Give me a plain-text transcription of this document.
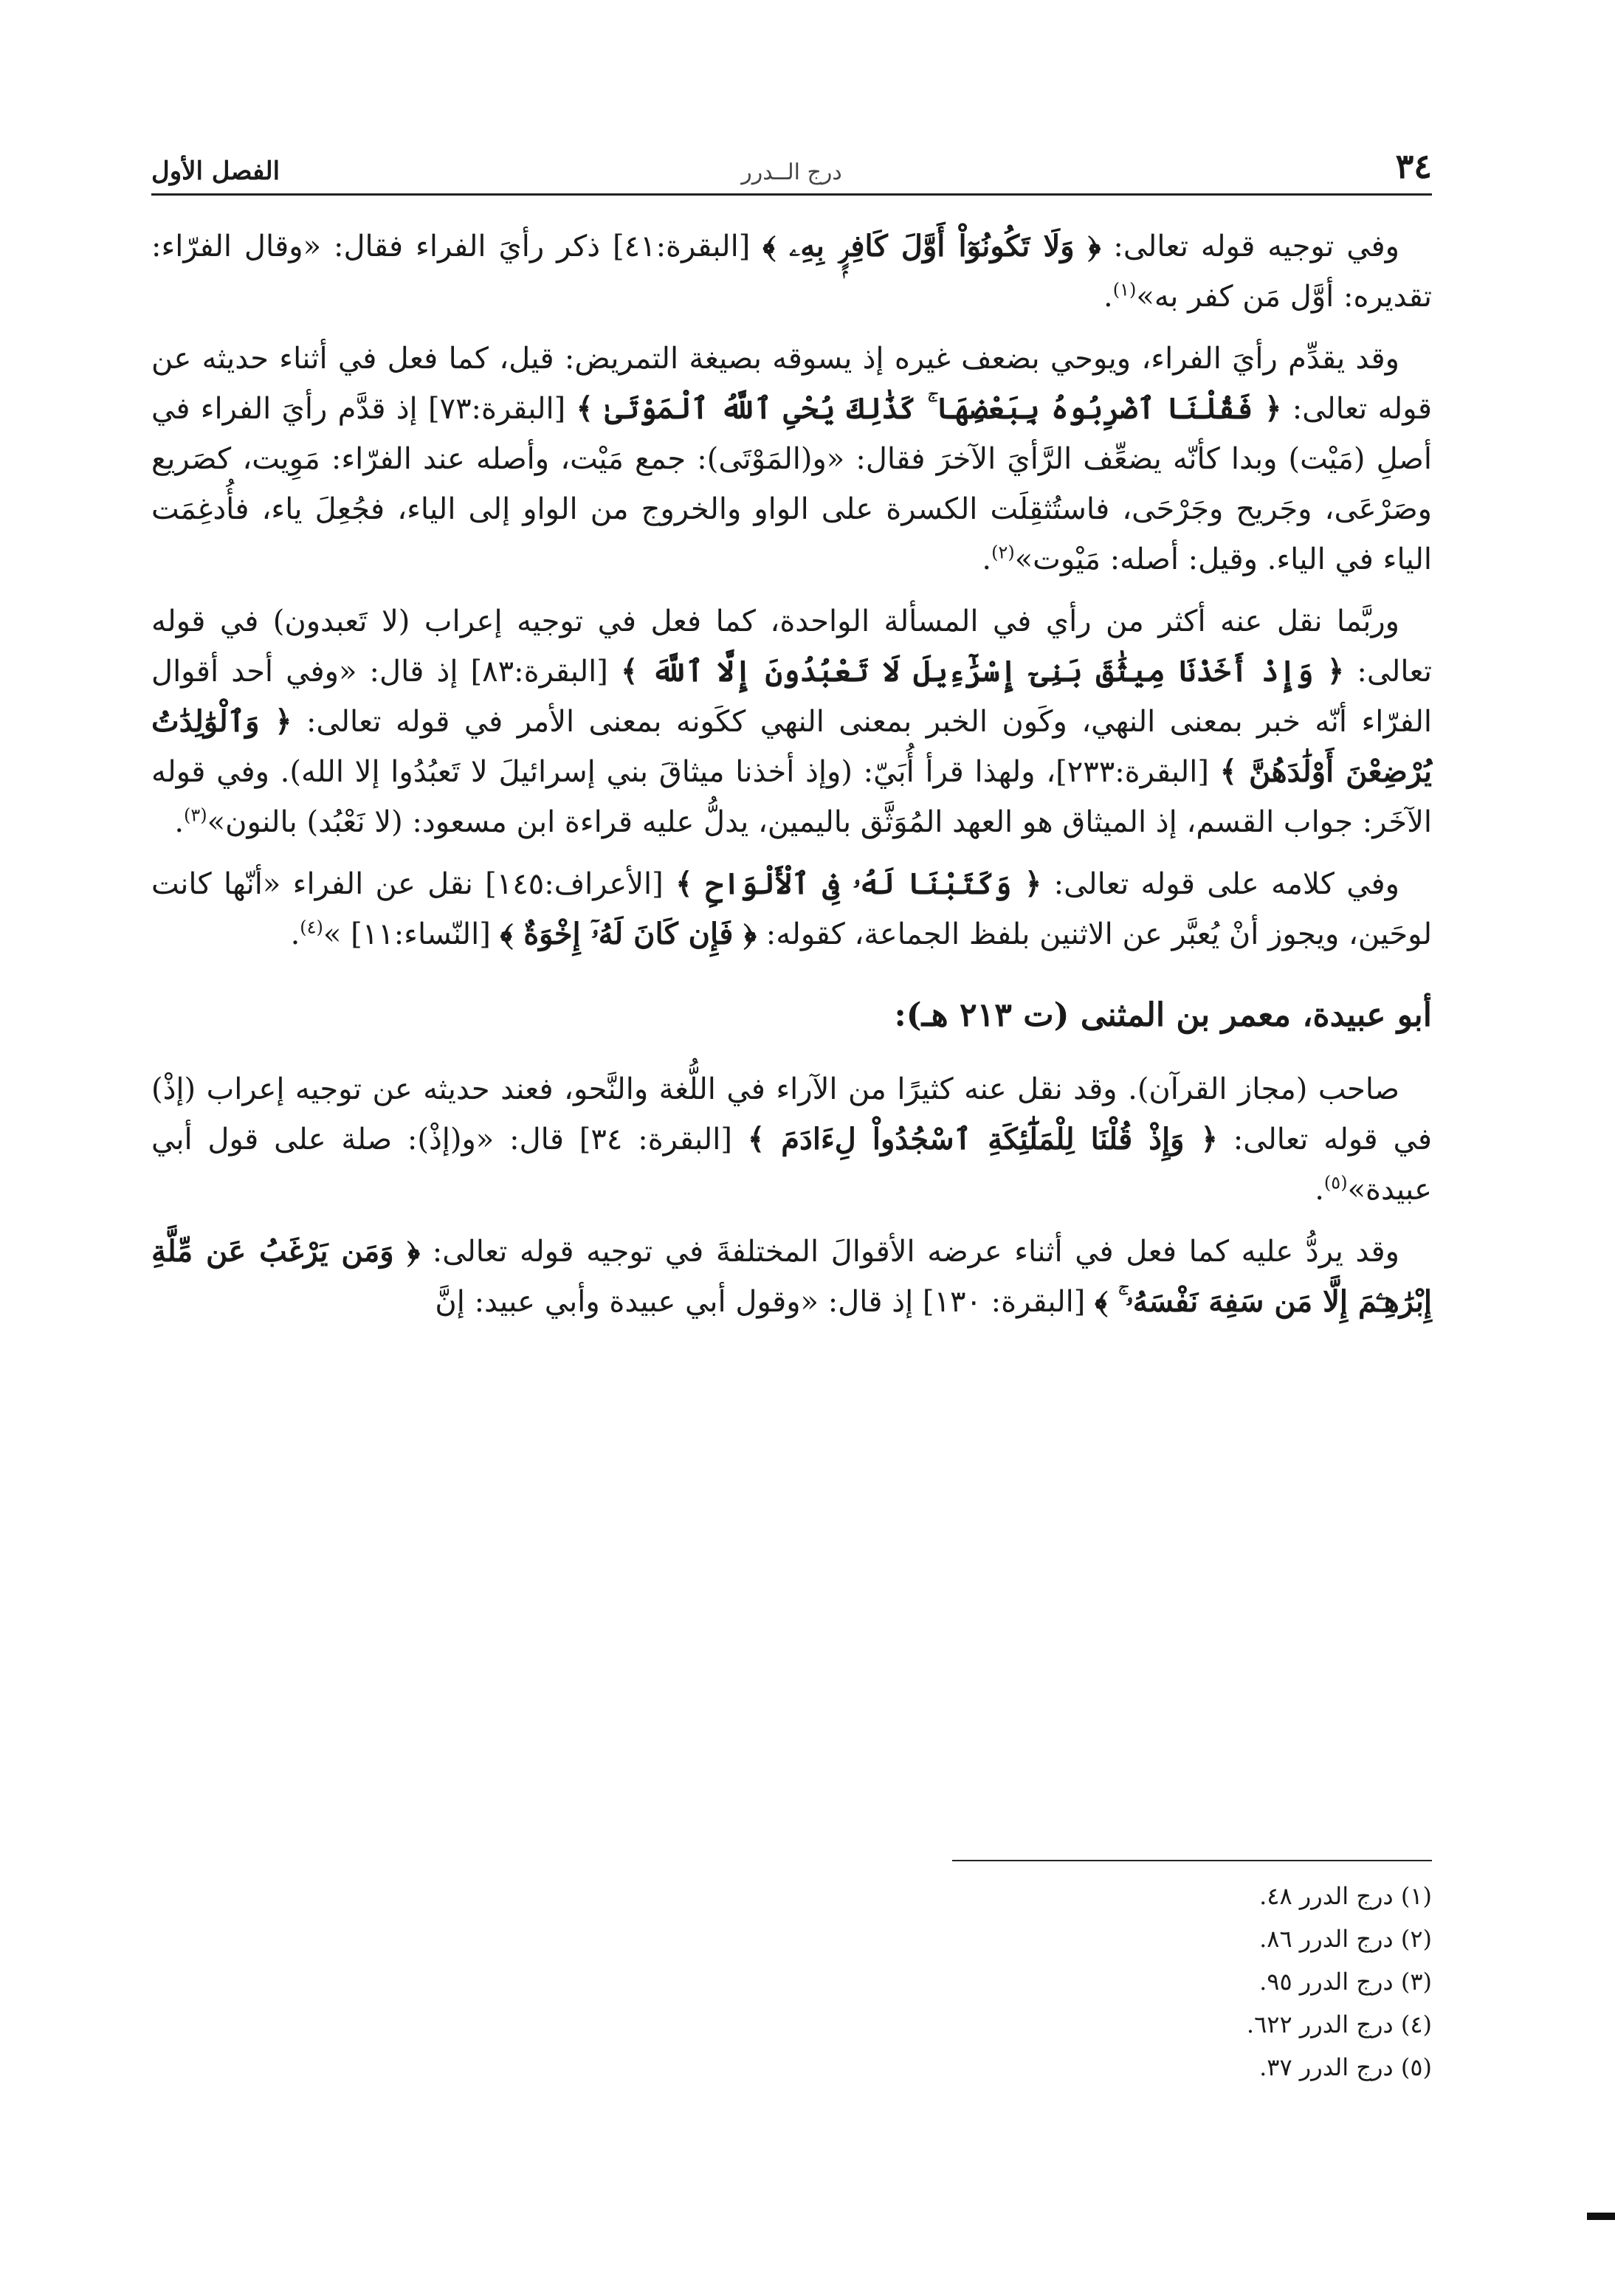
٣٤
درج الــدرر
الفصل الأول

وفي توجيه قوله تعالى: ﴿ وَلَا تَكُونُوٓاْ أَوَّلَ كَافِرٍۭ بِهِۦ ﴾ [البقرة:٤١] ذكر رأيَ الفراء فقال: «وقال الفرّاء: تقديره: أوَّل مَن كفر به»$^{(١)}$.

وقد يقدِّم رأيَ الفراء، ويوحي بضعف غيره إذ يسوقه بصيغة التمريض: قيل، كما فعل في أثناء حديثه عن قوله تعالى: ﴿ فَقُلْنَا ٱضْرِبُوهُ بِبَعْضِهَا ۚ كَذَٰلِكَ يُحْىِ ٱللَّهُ ٱلْمَوْتَىٰ ﴾ [البقرة:٧٣] إذ قدَّم رأيَ الفراء في أصلِ (مَيْت) وبدا كأنّه يضعِّف الرَّأيَ الآخرَ فقال: «و(المَوْتَى): جمع مَيْت، وأصله عند الفرّاء: مَوِيت، كصَريع وصَرْعَى، وجَريح وجَرْحَى، فاستُثقِلَت الكسرة على الواو والخروج من الواو إلى الياء، فجُعِلَ ياء، فأُدغِمَت الياء في الياء. وقيل: أصله: مَيْوت»$^{(٢)}$.

وربَّما نقل عنه أكثر من رأي في المسألة الواحدة، كما فعل في توجيه إعراب (لا تَعبدون) في قوله تعالى: ﴿ وَإِذْ أَخَذْنَا مِيثَٰقَ بَنِىٓ إِسْرَٰٓءِيلَ لَا تَعْبُدُونَ إِلَّا ٱللَّهَ ﴾ [البقرة:٨٣] إذ قال: «وفي أحد أقوال الفرّاء أنّه خبر بمعنى النهي، وكَون الخبر بمعنى النهي ككَونه بمعنى الأمر في قوله تعالى: ﴿ وَٱلْوَٰلِدَٰتُ يُرْضِعْنَ أَوْلَٰدَهُنَّ ﴾ [البقرة:٢٣٣]، ولهذا قرأ أُبَيّ: (وإذ أخذنا ميثاقَ بني إسرائيلَ لا تَعبُدُوا إلا الله). وفي قوله الآخَر: جواب القسم، إذ الميثاق هو العهد المُوَثَّق باليمين، يدلُّ عليه قراءة ابن مسعود: (لا نَعْبُد) بالنون»$^{(٣)}$.

وفي كلامه على قوله تعالى: ﴿ وَكَتَبْنَا لَهُۥ فِى ٱلْأَلْوَاحِ ﴾ [الأعراف:١٤٥] نقل عن الفراء «أنّها كانت لوحَين، ويجوز أنْ يُعبَّر عن الاثنين بلفظ الجماعة، كقوله: ﴿ فَإِن كَانَ لَهُۥٓ إِخْوَةٌ ﴾ [النّساء:١١] »$^{(٤)}$.

أبو عبيدة، معمر بن المثنى (ت ٢١٣ هـ):

صاحب (مجاز القرآن). وقد نقل عنه كثيرًا من الآراء في اللُّغة والنَّحو، فعند حديثه عن توجيه إعراب (إذْ) في قوله تعالى: ﴿ وَإِذْ قُلْنَا لِلْمَلَٰٓئِكَةِ ٱسْجُدُواْ لِءَادَمَ ﴾ [البقرة: ٣٤] قال: «و(إذْ): صلة على قول أبي عبيدة»$^{(٥)}$.

وقد يردُّ عليه كما فعل في أثناء عرضه الأقوالَ المختلفةَ في توجيه قوله تعالى: ﴿ وَمَن يَرْغَبُ عَن مِّلَّةِ إِبْرَٰهِـۧمَ إِلَّا مَن سَفِهَ نَفْسَهُۥ ۚ ﴾ [البقرة: ١٣٠] إذ قال: «وقول أبي عبيدة وأبي عبيد: إنَّ

(١) درج الدرر ٤٨.
(٢) درج الدرر ٨٦.
(٣) درج الدرر ٩٥.
(٤) درج الدرر ٦٢٢.
(٥) درج الدرر ٣٧.
